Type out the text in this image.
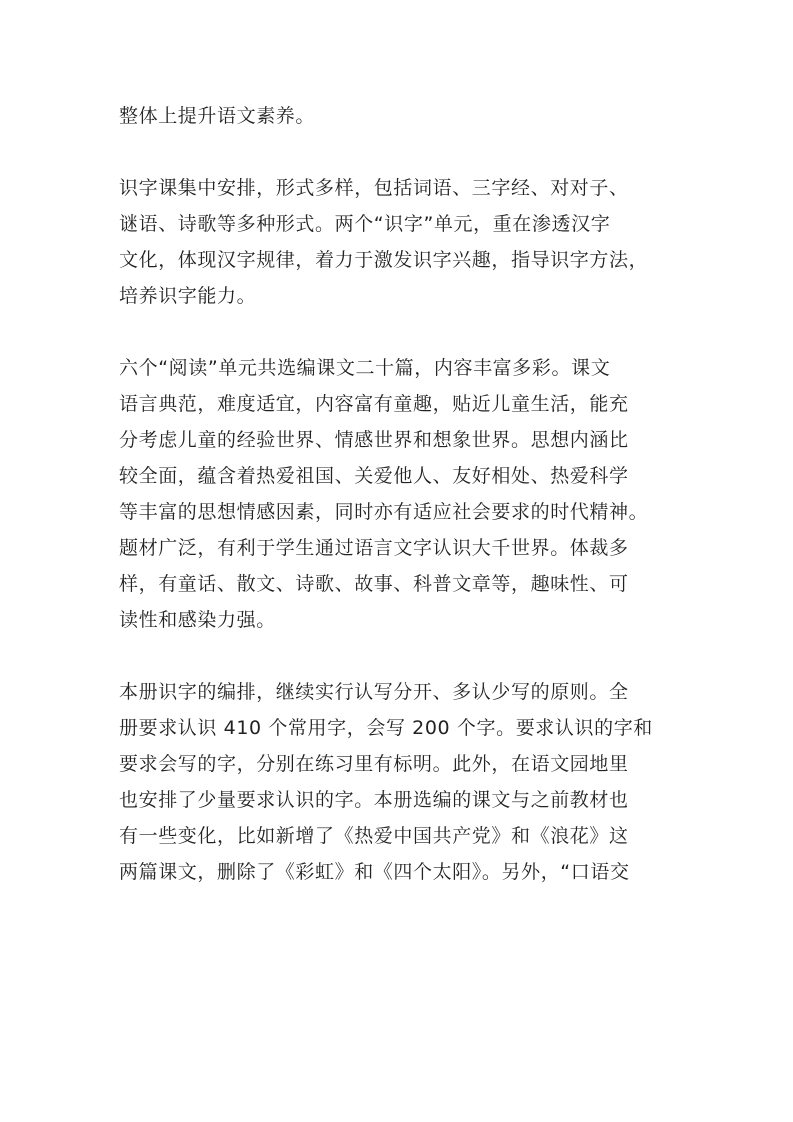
整体上提升语文素养。
识字课集中安排，形式多样，包括词语、三字经、对对子、
谜语、诗歌等多种形式。两个“识字”单元，重在渗透汉字
文化，体现汉字规律，着力于激发识字兴趣，指导识字方法，
培养识字能力。
六个“阅读”单元共选编课文二十篇，内容丰富多彩。课文
语言典范，难度适宜，内容富有童趣，贴近儿童生活，能充
分考虑儿童的经验世界、情感世界和想象世界。思想内涵比
较全面，蕴含着热爱祖国、关爱他人、友好相处、热爱科学
等丰富的思想情感因素，同时亦有适应社会要求的时代精神。
题材广泛，有利于学生通过语言文字认识大千世界。体裁多
样，有童话、散文、诗歌、故事、科普文章等，趣味性、可
读性和感染力强。
本册识字的编排，继续实行认写分开、多认少写的原则。全
册要求认识 410 个常用字，会写 200 个字。要求认识的字和
要求会写的字，分别在练习里有标明。此外，在语文园地里
也安排了少量要求认识的字。本册选编的课文与之前教材也
有一些变化，比如新增了《热爱中国共产党》和《浪花》这
两篇课文，删除了《彩虹》和《四个太阳》。另外，“口语交
